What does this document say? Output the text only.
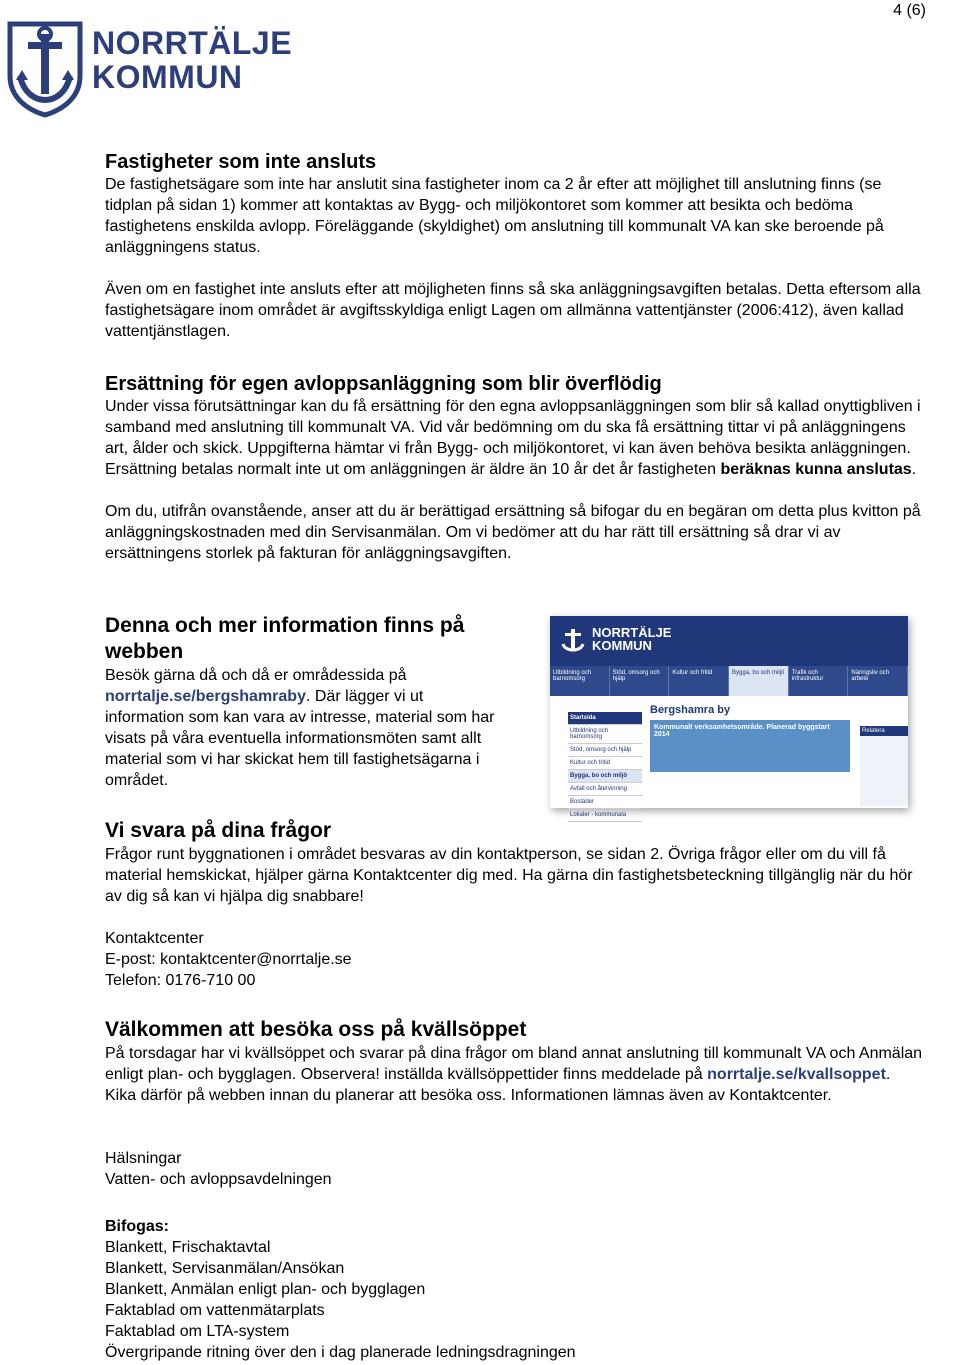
4 (6)
NORRTÄLJE
KOMMUN
Fastigheter som inte ansluts

De fastighetsägare som inte har anslutit sina fastigheter inom ca 2 år efter att möjlighet till anslutning finns (se tidplan på sidan 1) kommer att kontaktas av Bygg- och miljökontoret som kommer att besikta och bedöma fastighetens enskilda avlopp. Föreläggande (skyldighet) om anslutning till kommunalt VA kan ske beroende på anläggningens status.

Även om en fastighet inte ansluts efter att möjligheten finns så ska anläggningsavgiften betalas. Detta eftersom alla fastighetsägare inom området är avgiftsskyldiga enligt Lagen om allmänna vattentjänster (2006:412), även kallad vattentjänstlagen.

Ersättning för egen avloppsanläggning som blir överflödig

Under vissa förutsättningar kan du få ersättning för den egna avloppsanläggningen som blir så kallad onyttigbliven i samband med anslutning till kommunalt VA. Vid vår bedömning om du ska få ersättning tittar vi på anläggningens art, ålder och skick. Uppgifterna hämtar vi från Bygg- och miljökontoret, vi kan även behöva besikta anläggningen. Ersättning betalas normalt inte ut om anläggningen är äldre än 10 år det år fastigheten beräknas kunna anslutas.

Om du, utifrån ovanstående, anser att du är berättigad ersättning så bifogar du en begäran om detta plus kvitton på anläggningskostnaden med din Servisanmälan. Om vi bedömer att du har rätt till ersättning så drar vi av ersättningens storlek på fakturan för anläggningsavgiften.

Denna och mer information finns på webben

Besök gärna då och då er områdessida på norrtalje.se/bergshamraby. Där lägger vi ut information som kan vara av intresse, material som har visats på våra eventuella informationsmöten samt allt material som vi har skickat hem till fastighetsägarna i området.

NORRTÄLJE
KOMMUN
Utbildning och barnomsorg
Stöd, omsorg och hjälp
Kultur och fritid	Bygga, bo och miljö	Trafik och infrastruktur
Näringsliv och arbete
Startsida
Utbildning och barnomsorg
Stöd, omsorg och hjälp
Kultur och fritid
Bygga, bo och miljö
Avfall och återvinning
Bostäder
Lokaler - kommunala
Bergshamra by
Kommunalt verksamhetsområde. Planerad byggstart 2014	Relatera
Vi svara på dina frågor

Frågor runt byggnationen i området besvaras av din kontaktperson, se sidan 2. Övriga frågor eller om du vill få material hemskickat, hjälper gärna Kontaktcenter dig med. Ha gärna din fastighetsbeteckning tillgänglig när du hör av dig så kan vi hjälpa dig snabbare!

Kontaktcenter

E-post: kontaktcenter@norrtalje.se

Telefon: 0176-710 00

Välkommen att besöka oss på kvällsöppet

På torsdagar har vi kvällsöppet och svarar på dina frågor om bland annat anslutning till kommunalt VA och Anmälan enligt plan- och bygglagen. Observera! inställda kvällsöppettider finns meddelade på norrtalje.se/kvallsoppet. Kika därför på webben innan du planerar att besöka oss. Informationen lämnas även av Kontaktcenter.

Hälsningar

Vatten- och avloppsavdelningen

Bifogas:

Blankett, Frischaktavtal

Blankett, Servisanmälan/Ansökan

Blankett, Anmälan enligt plan- och bygglagen

Faktablad om vattenmätarplats

Faktablad om LTA-system

Övergripande ritning över den i dag planerade ledningsdragningen
